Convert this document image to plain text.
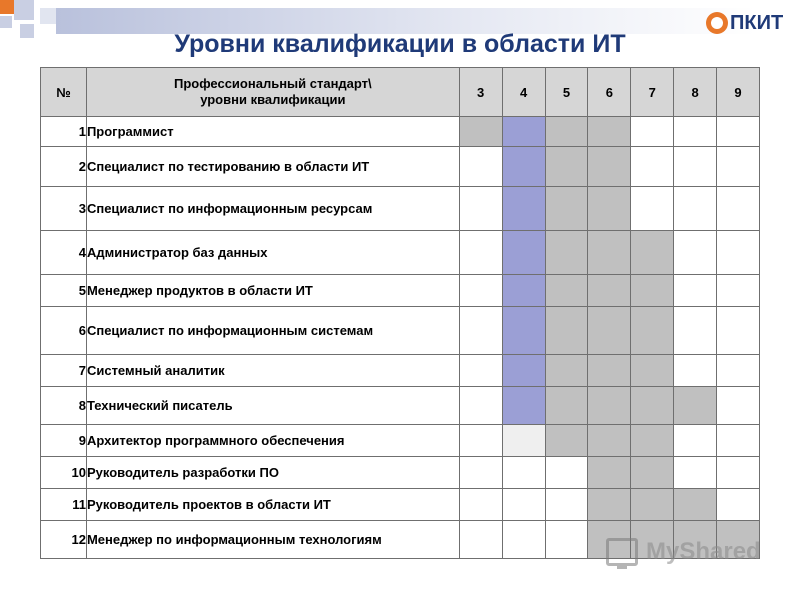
ПКИТ
Уровни квалификации в области ИТ
№	Профессиональный стандарт\
уровни квалификации	3	4	5	6	7	8	9
1	Программист							
2	Специалист по тестированию в области ИТ							
3	Специалист по информационным ресурсам							
4	Администратор баз данных							
5	Менеджер продуктов в области ИТ							
6	Специалист по информационным системам							
7	Системный аналитик							
8	Технический писатель							
9	Архитектор программного обеспечения							
10	Руководитель разработки ПО							
11	Руководитель проектов в области ИТ							
12	Менеджер по информационным технологиям								MyShared
